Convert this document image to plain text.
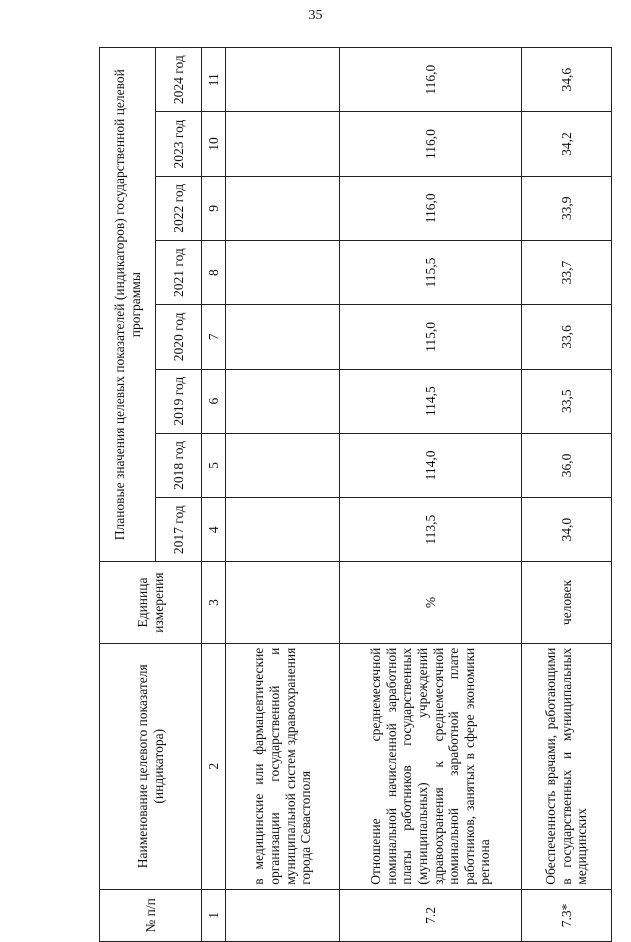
35
№ п/п	Наименование целевого показателя (индикатора)	Единица измерения	Плановые значения целевых показателей (индикаторов) государственной целевой программы							
			2017 год	2018 год	2019 год	2020 год	2021 год	2022 год	2023 год	2024 год
1	2	3	4	5	6	7	8	9	10	11
	в медицинские или фармацевтические организации государственной и муниципальной систем здравоохранения города Севастополя									
7.2	Отношение среднемесячной номинальной начисленной заработной платы работников государственных (муниципальных) учреждений здравоохранения к среднемесячной номинальной заработной плате работников, занятых в сфере экономики региона	%	113,5	114,0	114,5	115,0	115,5	116,0	116,0	116,0
7.3*	Обеспеченность врачами, работающими в государственных и муниципальных медицинских	человек	34,0	36,0	33,5	33,6	33,7	33,9	34,2	34,6
